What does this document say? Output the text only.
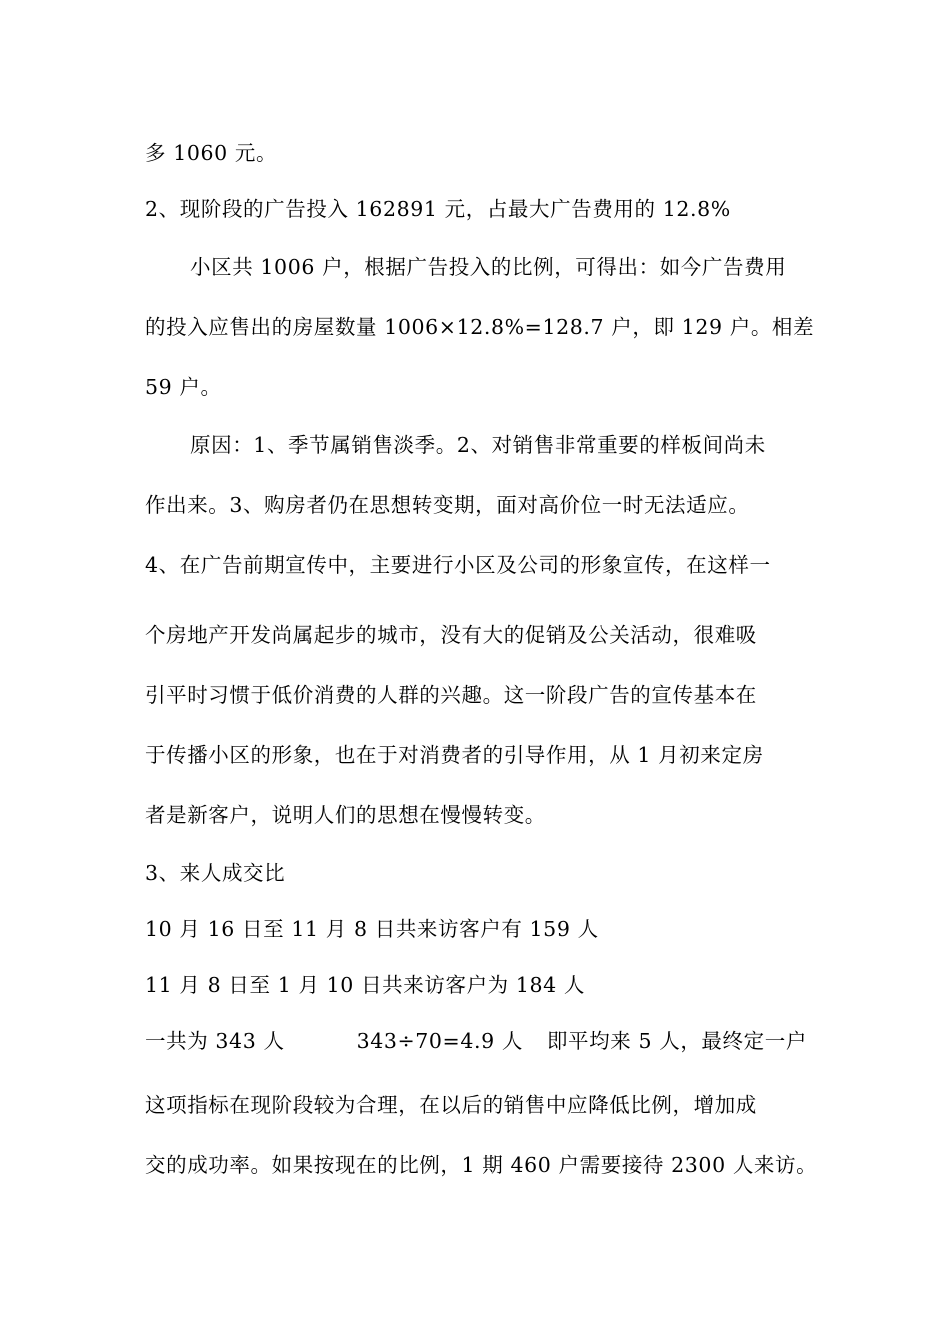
多 1060 元。
2、现阶段的广告投入 162891 元，占最大广告费用的 12.8%
小区共 1006 户，根据广告投入的比例，可得出：如今广告费用
的投入应售出的房屋数量 1006×12.8%=128.7 户，即 129 户。相差
59 户。
原因：1、季节属销售淡季。2、对销售非常重要的样板间尚未
作出来。3、购房者仍在思想转变期，面对高价位一时无法适应。
4、在广告前期宣传中，主要进行小区及公司的形象宣传，在这样一
个房地产开发尚属起步的城市，没有大的促销及公关活动，很难吸
引平时习惯于低价消费的人群的兴趣。这一阶段广告的宣传基本在
于传播小区的形象，也在于对消费者的引导作用，从 1 月初来定房
者是新客户，说明人们的思想在慢慢转变。
3、来人成交比
10 月 16 日至 11 月 8 日共来访客户有 159 人
11 月 8 日至 1 月 10 日共来访客户为 184 人
一共为 343 人	343÷70=4.9 人 即平均来 5 人，最终定一户
这项指标在现阶段较为合理，在以后的销售中应降低比例，增加成
交的成功率。如果按现在的比例，1 期 460 户需要接待 2300 人来访。
